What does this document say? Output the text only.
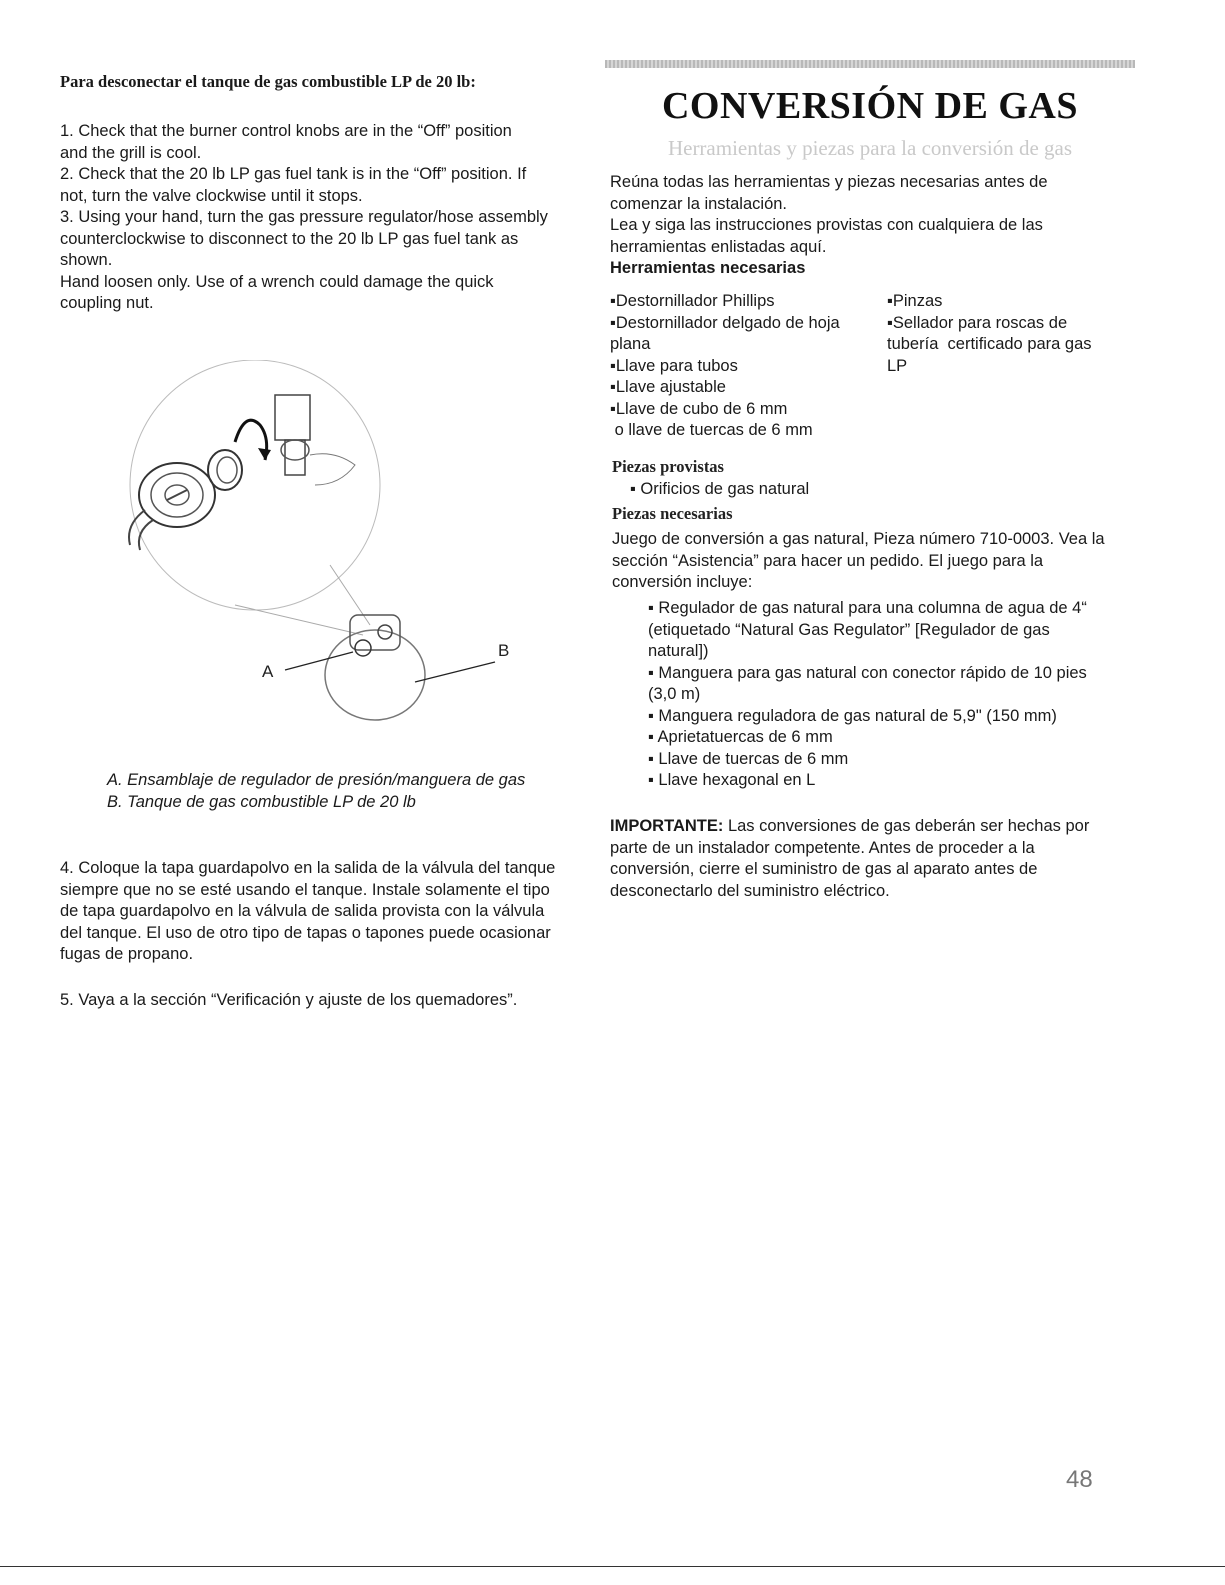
Para desconectar el tanque de gas combustible LP de 20 lb:
1. Check that the burner control knobs are in the “Off” position
and the grill is cool.
2. Check that the 20 lb LP gas fuel tank is in the “Off” position. If
not, turn the valve clockwise until it stops.
3. Using your hand, turn the gas pressure regulator/hose assembly
counterclockwise to disconnect to the 20 lb LP gas fuel tank as
shown.
Hand loosen only. Use of a wrench could damage the quick
coupling nut.
A
B
A. Ensamblaje de regulador de presión/manguera de gas
B. Tanque de gas combustible LP de 20 lb
4. Coloque la tapa guardapolvo en la salida de la válvula del tanque
siempre que no se esté usando el tanque. Instale solamente el tipo
de tapa guardapolvo en la válvula de salida provista con la válvula
del tanque. El uso de otro tipo de tapas o tapones puede ocasionar
fugas de propano.
5. Vaya a la sección “Verificación y ajuste de los quemadores”.
CONVERSIÓN DE GAS
Herramientas y piezas para la conversión de gas
Reúna todas las herramientas y piezas necesarias antes de
comenzar la instalación.
Lea y siga las instrucciones provistas con cualquiera de las
herramientas enlistadas aquí.
Herramientas necesarias
▪Destornillador Phillips
▪Destornillador delgado de hoja
plana
▪Llave para tubos
▪Llave ajustable
▪Llave de cubo de 6 mm
o llave de tuercas de 6 mm
▪Pinzas
▪Sellador para roscas de
tubería  certificado para gas
LP
Piezas provistas
▪ Orificios de gas natural
Piezas necesarias
Juego de conversión a gas natural, Pieza número 710-0003. Vea la
sección “Asistencia” para hacer un pedido. El juego para la
conversión incluye:
▪ Regulador de gas natural para una columna de agua de 4“
(etiquetado “Natural Gas Regulator” [Regulador de gas
natural])
▪ Manguera para gas natural con conector rápido de 10 pies
(3,0 m)
▪ Manguera reguladora de gas natural de 5,9" (150 mm)
▪ Aprietatuercas de 6 mm
▪ Llave de tuercas de 6 mm
▪ Llave hexagonal en L
IMPORTANTE: Las conversiones de gas deberán ser hechas por
parte de un instalador competente. Antes de proceder a la
conversión, cierre el suministro de gas al aparato antes de
desconectarlo del suministro eléctrico.
48
